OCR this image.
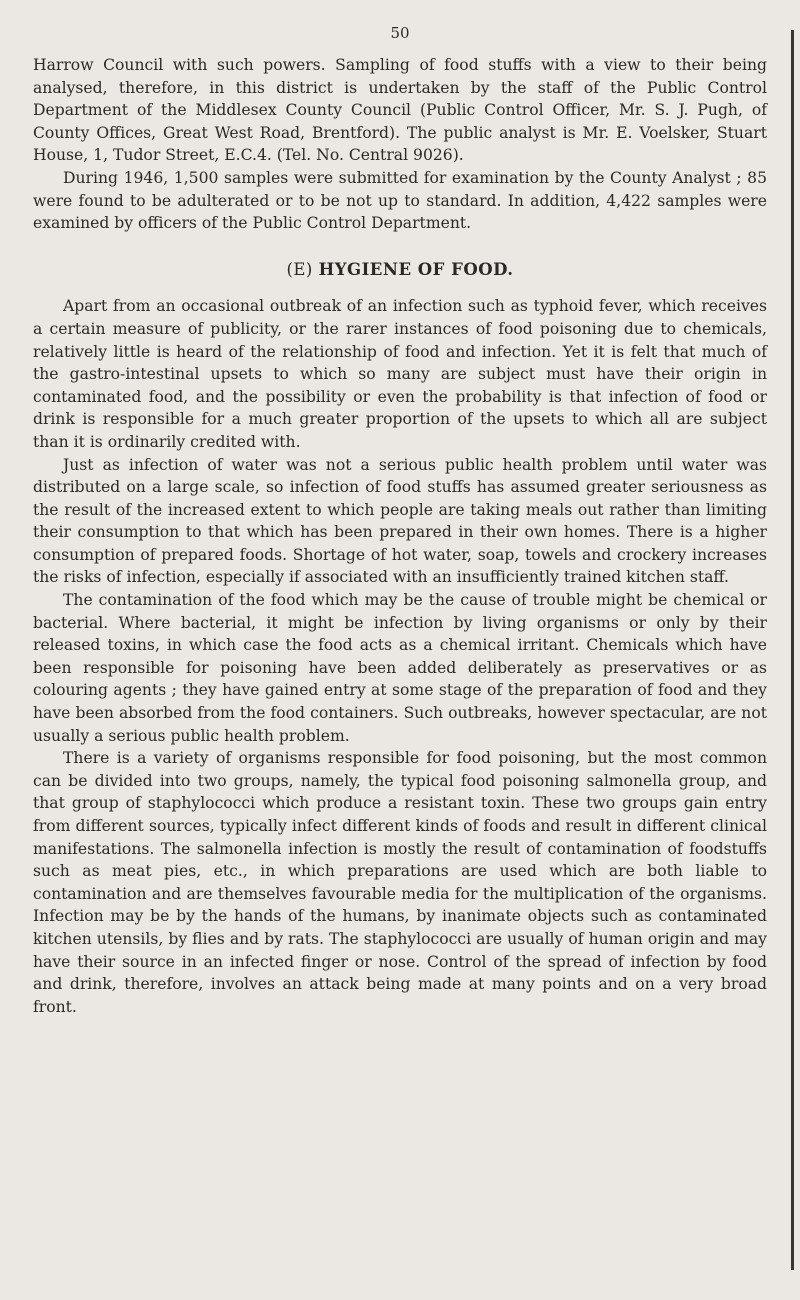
50

Harrow Council with such powers. Sampling of food stuffs with a view to their being analysed, therefore, in this district is undertaken by the staff of the Public Control Department of the Middlesex County Council (Public Control Officer, Mr. S. J. Pugh, of County Offices, Great West Road, Brentford). The public analyst is Mr. E. Voelsker, Stuart House, 1, Tudor Street, E.C.4. (Tel. No. Central 9026).

During 1946, 1,500 samples were submitted for examination by the County Analyst ; 85 were found to be adulterated or to be not up to standard. In addition, 4,422 samples were examined by officers of the Public Control Department.

(E) HYGIENE OF FOOD.

Apart from an occasional outbreak of an infection such as typhoid fever, which receives a certain measure of publicity, or the rarer instances of food poisoning due to chemicals, relatively little is heard of the relationship of food and infection. Yet it is felt that much of the gastro-intestinal upsets to which so many are subject must have their origin in contaminated food, and the possibility or even the probability is that infection of food or drink is responsible for a much greater proportion of the upsets to which all are subject than it is ordinarily credited with.

Just as infection of water was not a serious public health problem until water was distributed on a large scale, so infection of food stuffs has assumed greater seriousness as the result of the increased extent to which people are taking meals out rather than limiting their consumption to that which has been prepared in their own homes. There is a higher consumption of prepared foods. Shortage of hot water, soap, towels and crockery increases the risks of infection, especially if associated with an insufficiently trained kitchen staff.

The contamination of the food which may be the cause of trouble might be chemical or bacterial. Where bacterial, it might be infection by living organisms or only by their released toxins, in which case the food acts as a chemical irritant. Chemicals which have been responsible for poisoning have been added deliberately as preservatives or as colouring agents ; they have gained entry at some stage of the preparation of food and they have been absorbed from the food containers. Such outbreaks, however spectacular, are not usually a serious public health problem.

There is a variety of organisms responsible for food poisoning, but the most common can be divided into two groups, namely, the typical food poisoning salmonella group, and that group of staphylococci which produce a resistant toxin. These two groups gain entry from different sources, typically infect different kinds of foods and result in different clinical manifestations. The salmonella infection is mostly the result of contamination of foodstuffs such as meat pies, etc., in which preparations are used which are both liable to contamination and are themselves favourable media for the multiplication of the organisms. Infection may be by the hands of the humans, by inanimate objects such as contaminated kitchen utensils, by flies and by rats. The staphylococci are usually of human origin and may have their source in an infected finger or nose. Control of the spread of infection by food and drink, therefore, involves an attack being made at many points and on a very broad front.
